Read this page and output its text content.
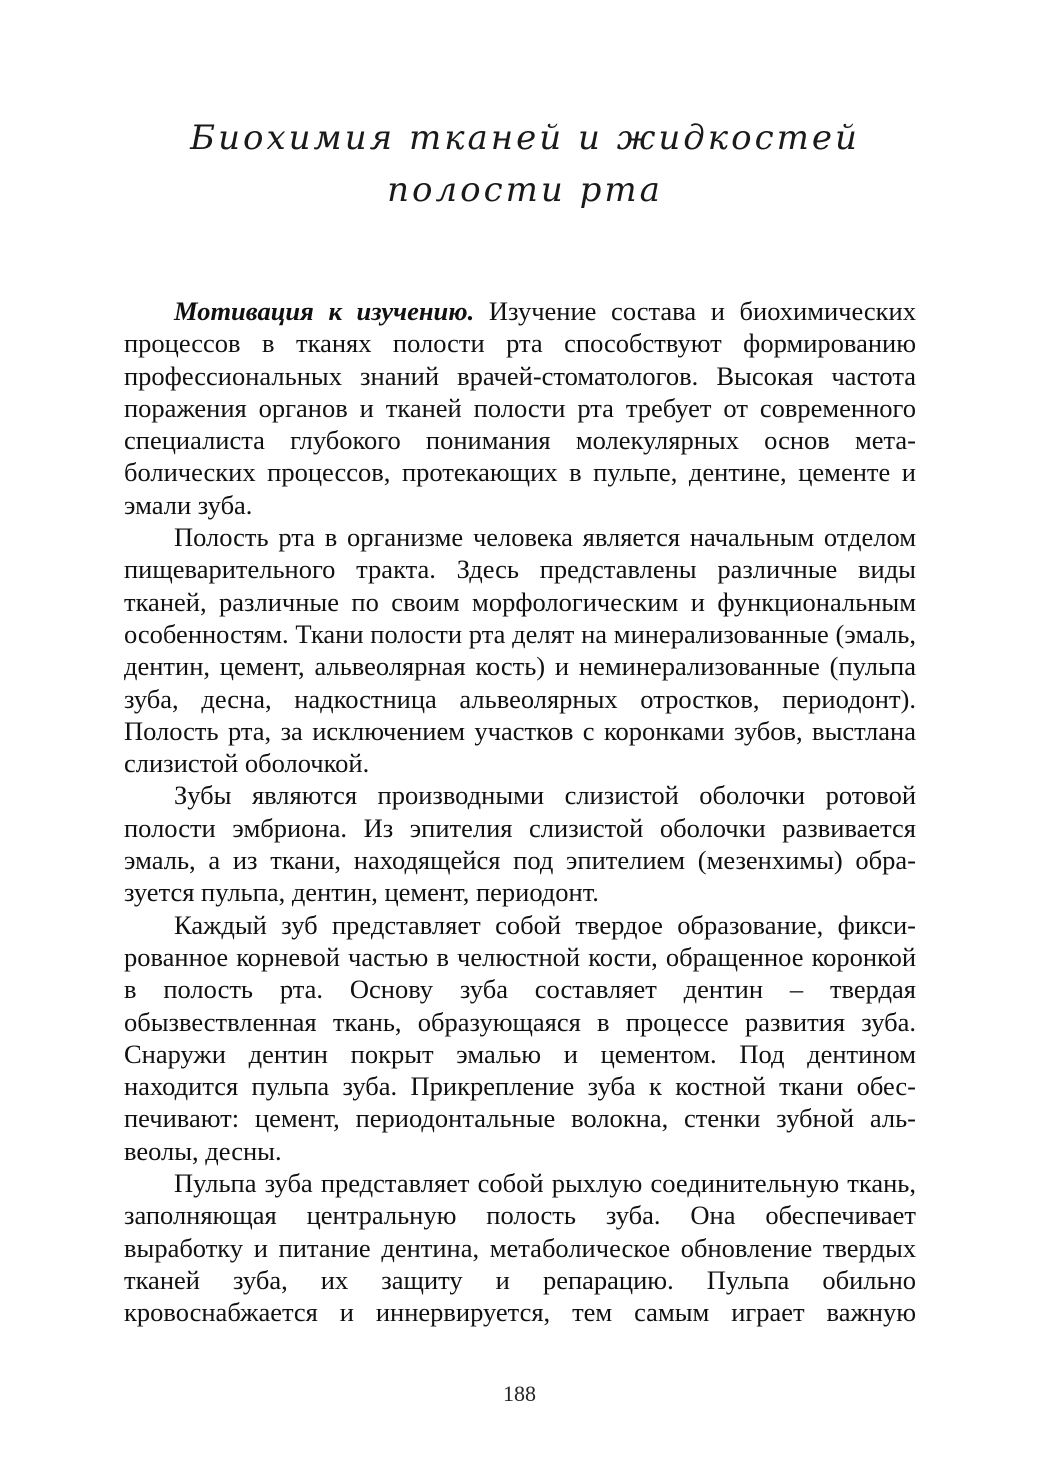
Биохимия тканей и жидкостей
полости рта

Мотивация к изучению. Изучение состава и биохимических процессов в тканях полости рта способствуют формированию профессиональных знаний врачей-стоматологов. Высокая частота поражения органов и тканей полости рта требует от современного специалиста глубокого понимания молекулярных основ метаболических процессов, протекающих в пульпе, дентине, цементе и эмали зуба.

Полость рта в организме человека является начальным отделом пищеварительного тракта. Здесь представлены различные виды тканей, различные по своим морфологическим и функциональным особенностям. Ткани полости рта делят на минерализованные (эмаль, дентин, цемент, альвеолярная кость) и неминерализованные (пульпа зуба, десна, надкостница альвеолярных отростков, периодонт). Полость рта, за исключением участков с коронками зубов, выстлана слизистой оболочкой.

Зубы являются производными слизистой оболочки ротовой полости эмбриона. Из эпителия слизистой оболочки развивается эмаль, а из ткани, находящейся под эпителием (мезенхимы) образуется пульпа, дентин, цемент, периодонт.

Каждый зуб представляет собой твердое образование, фиксированное корневой частью в челюстной кости, обращенное коронкой в полость рта. Основу зуба составляет дентин – твердая обызвествленная ткань, образующаяся в процессе развития зуба. Снаружи дентин покрыт эмалью и цементом. Под дентином находится пульпа зуба. Прикрепление зуба к костной ткани обеспечивают: цемент, периодонтальные волокна, стенки зубной альвеолы, десны.

Пульпа зуба представляет собой рыхлую соединительную ткань, заполняющая центральную полость зуба. Она обеспечивает выработку и питание дентина, метаболическое обновление твердых тканей зуба, их защиту и репарацию. Пульпа обильно кровоснабжается и иннервируется, тем самым играет важную

188
